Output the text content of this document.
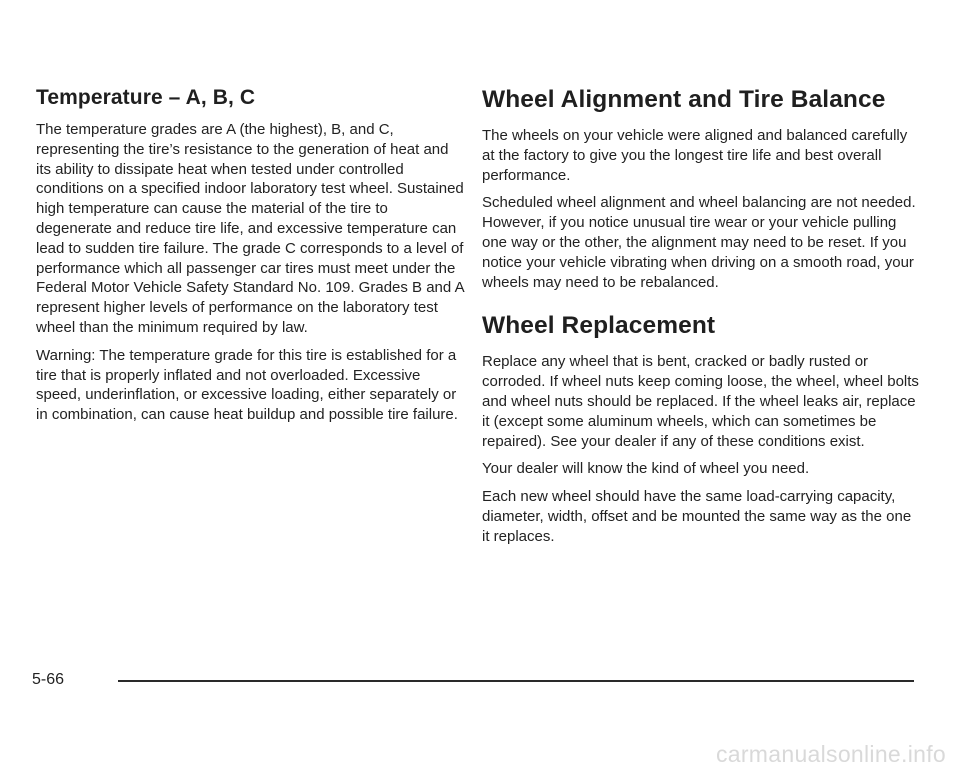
Temperature – A, B, C

The temperature grades are A (the highest), B, and C, representing the tire’s resistance to the generation of heat and its ability to dissipate heat when tested under controlled conditions on a specified indoor laboratory test wheel. Sustained high temperature can cause the material of the tire to degenerate and reduce tire life, and excessive temperature can lead to sudden tire failure. The grade C corresponds to a level of performance which all passenger car tires must meet under the Federal Motor Vehicle Safety Standard No. 109. Grades B and A represent higher levels of performance on the laboratory test wheel than the minimum required by law.

Warning: The temperature grade for this tire is established for a tire that is properly inflated and not overloaded. Excessive speed, underinflation, or excessive loading, either separately or in combination, can cause heat buildup and possible tire failure.

Wheel Alignment and Tire Balance

The wheels on your vehicle were aligned and balanced carefully at the factory to give you the longest tire life and best overall performance.

Scheduled wheel alignment and wheel balancing are not needed. However, if you notice unusual tire wear or your vehicle pulling one way or the other, the alignment may need to be reset. If you notice your vehicle vibrating when driving on a smooth road, your wheels may need to be rebalanced.

Wheel Replacement

Replace any wheel that is bent, cracked or badly rusted or corroded. If wheel nuts keep coming loose, the wheel, wheel bolts and wheel nuts should be replaced. If the wheel leaks air, replace it (except some aluminum wheels, which can sometimes be repaired). See your dealer if any of these conditions exist.

Your dealer will know the kind of wheel you need.

Each new wheel should have the same load-carrying capacity, diameter, width, offset and be mounted the same way as the one it replaces.

5-66
carmanualsonline.info
